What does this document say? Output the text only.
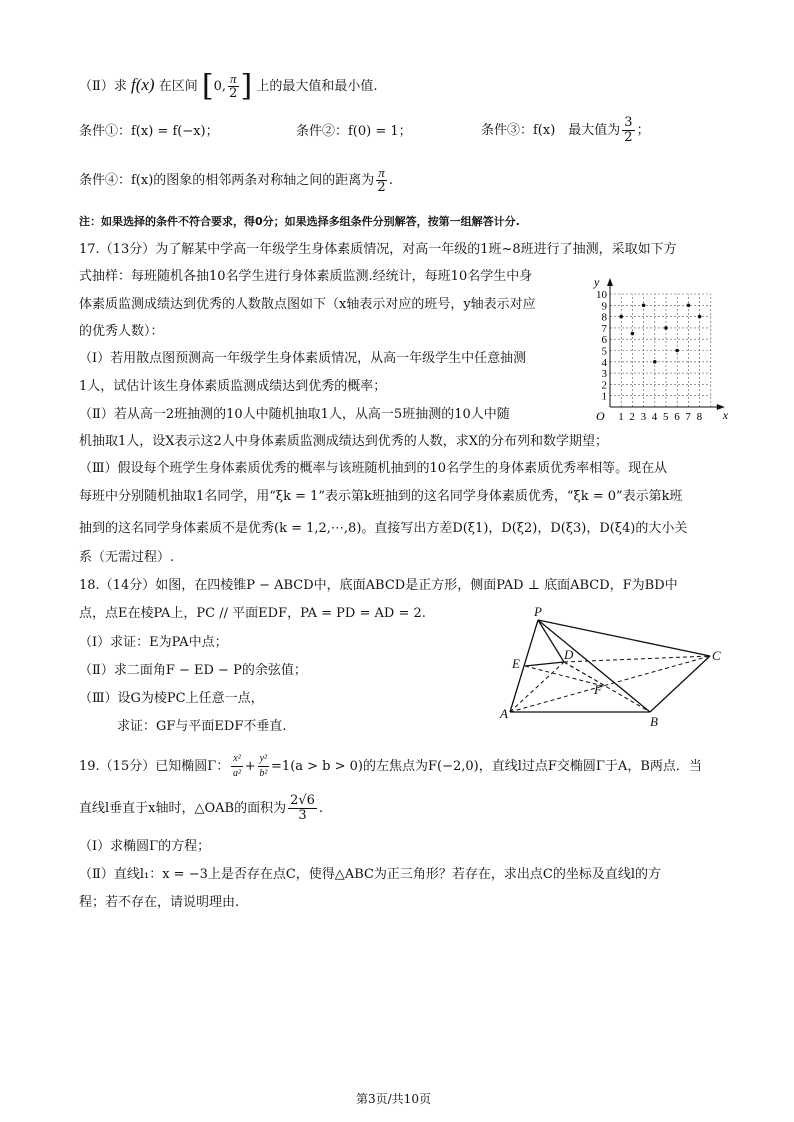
（Ⅱ）求 f(x) 在区间 [0, $\frac{\pi}{2}$ ] 上的最大值和最小值.
条件①：f(x) = f(−x)；	条件②：f(0) = 1；	条件③：f(x)　最大值为 $\frac{3}{2}$ ；
条件④：f(x)的图象的相邻两条对称轴之间的距离为 $\frac{\pi}{2}$ .
注：如果选择的条件不符合要求，得0分；如果选择多组条件分别解答，按第一组解答计分.
17.（13分）为了解某中学高一年级学生身体素质情况，对高一年级的1班~8班进行了抽测，采取如下方
式抽样：每班随机各抽10名学生进行身体素质监测.经统计，每班10名学生中身
体素质监测成绩达到优秀的人数散点图如下（x轴表示对应的班号，y轴表示对应
的优秀人数）：
（Ⅰ）若用散点图预测高一年级学生身体素质情况，从高一年级学生中任意抽测
1人，试估计该生身体素质监测成绩达到优秀的概率；
（Ⅱ）若从高一2班抽测的10人中随机抽取1人，从高一5班抽测的10人中随
机抽取1人，设X表示这2人中身体素质监测成绩达到优秀的人数，求X的分布列和数学期望；
（Ⅲ）假设每个班学生身体素质优秀的概率与该班随机抽到的10名学生的身体素质优秀率相等。现在从
每班中分别随机抽取1名同学，用“ξk = 1”表示第k班抽到的这名同学身体素质优秀，“ξk = 0”表示第k班
抽到的这名同学身体素质不是优秀(k = 1,2,⋯,8)。直接写出方差D(ξ1)，D(ξ2)，D(ξ3)，D(ξ4)的大小关
系（无需过程）.
x
y
O 1 2 3 4 5 6 7 8
1
2
3
4
5
6
7
8
9
10
18.（14分）如图，在四棱锥P − ABCD中，底面ABCD是正方形，侧面PAD ⊥ 底面ABCD，F为BD中
点，点E在棱PA上，PC // 平面EDF，PA = PD = AD = 2.
（Ⅰ）求证：E为PA中点；
（Ⅱ）求二面角F − ED − P的余弦值；
（Ⅲ）设G为棱PC上任意一点，
求证：GF与平面EDF不垂直.
P
E
D	C
F
A
B
19.（15分）已知椭圆Γ： $\frac{\text{x²}}{\text{a²}} + \frac{\text{y²}}{\text{b²}} =1(a > b > 0)$的左焦点为F(−2,0)，直线l过点F交椭圆Γ于A，B两点．当
直线l垂直于x轴时，△OAB的面积为 $\frac{2√6}{3}$ .
（Ⅰ）求椭圆Γ的方程；
（Ⅱ）直线l₁：x = −3上是否存在点C，使得△ABC为正三角形？若存在，求出点C的坐标及直线l的方
程；若不存在，请说明理由.
第3页/共10页
